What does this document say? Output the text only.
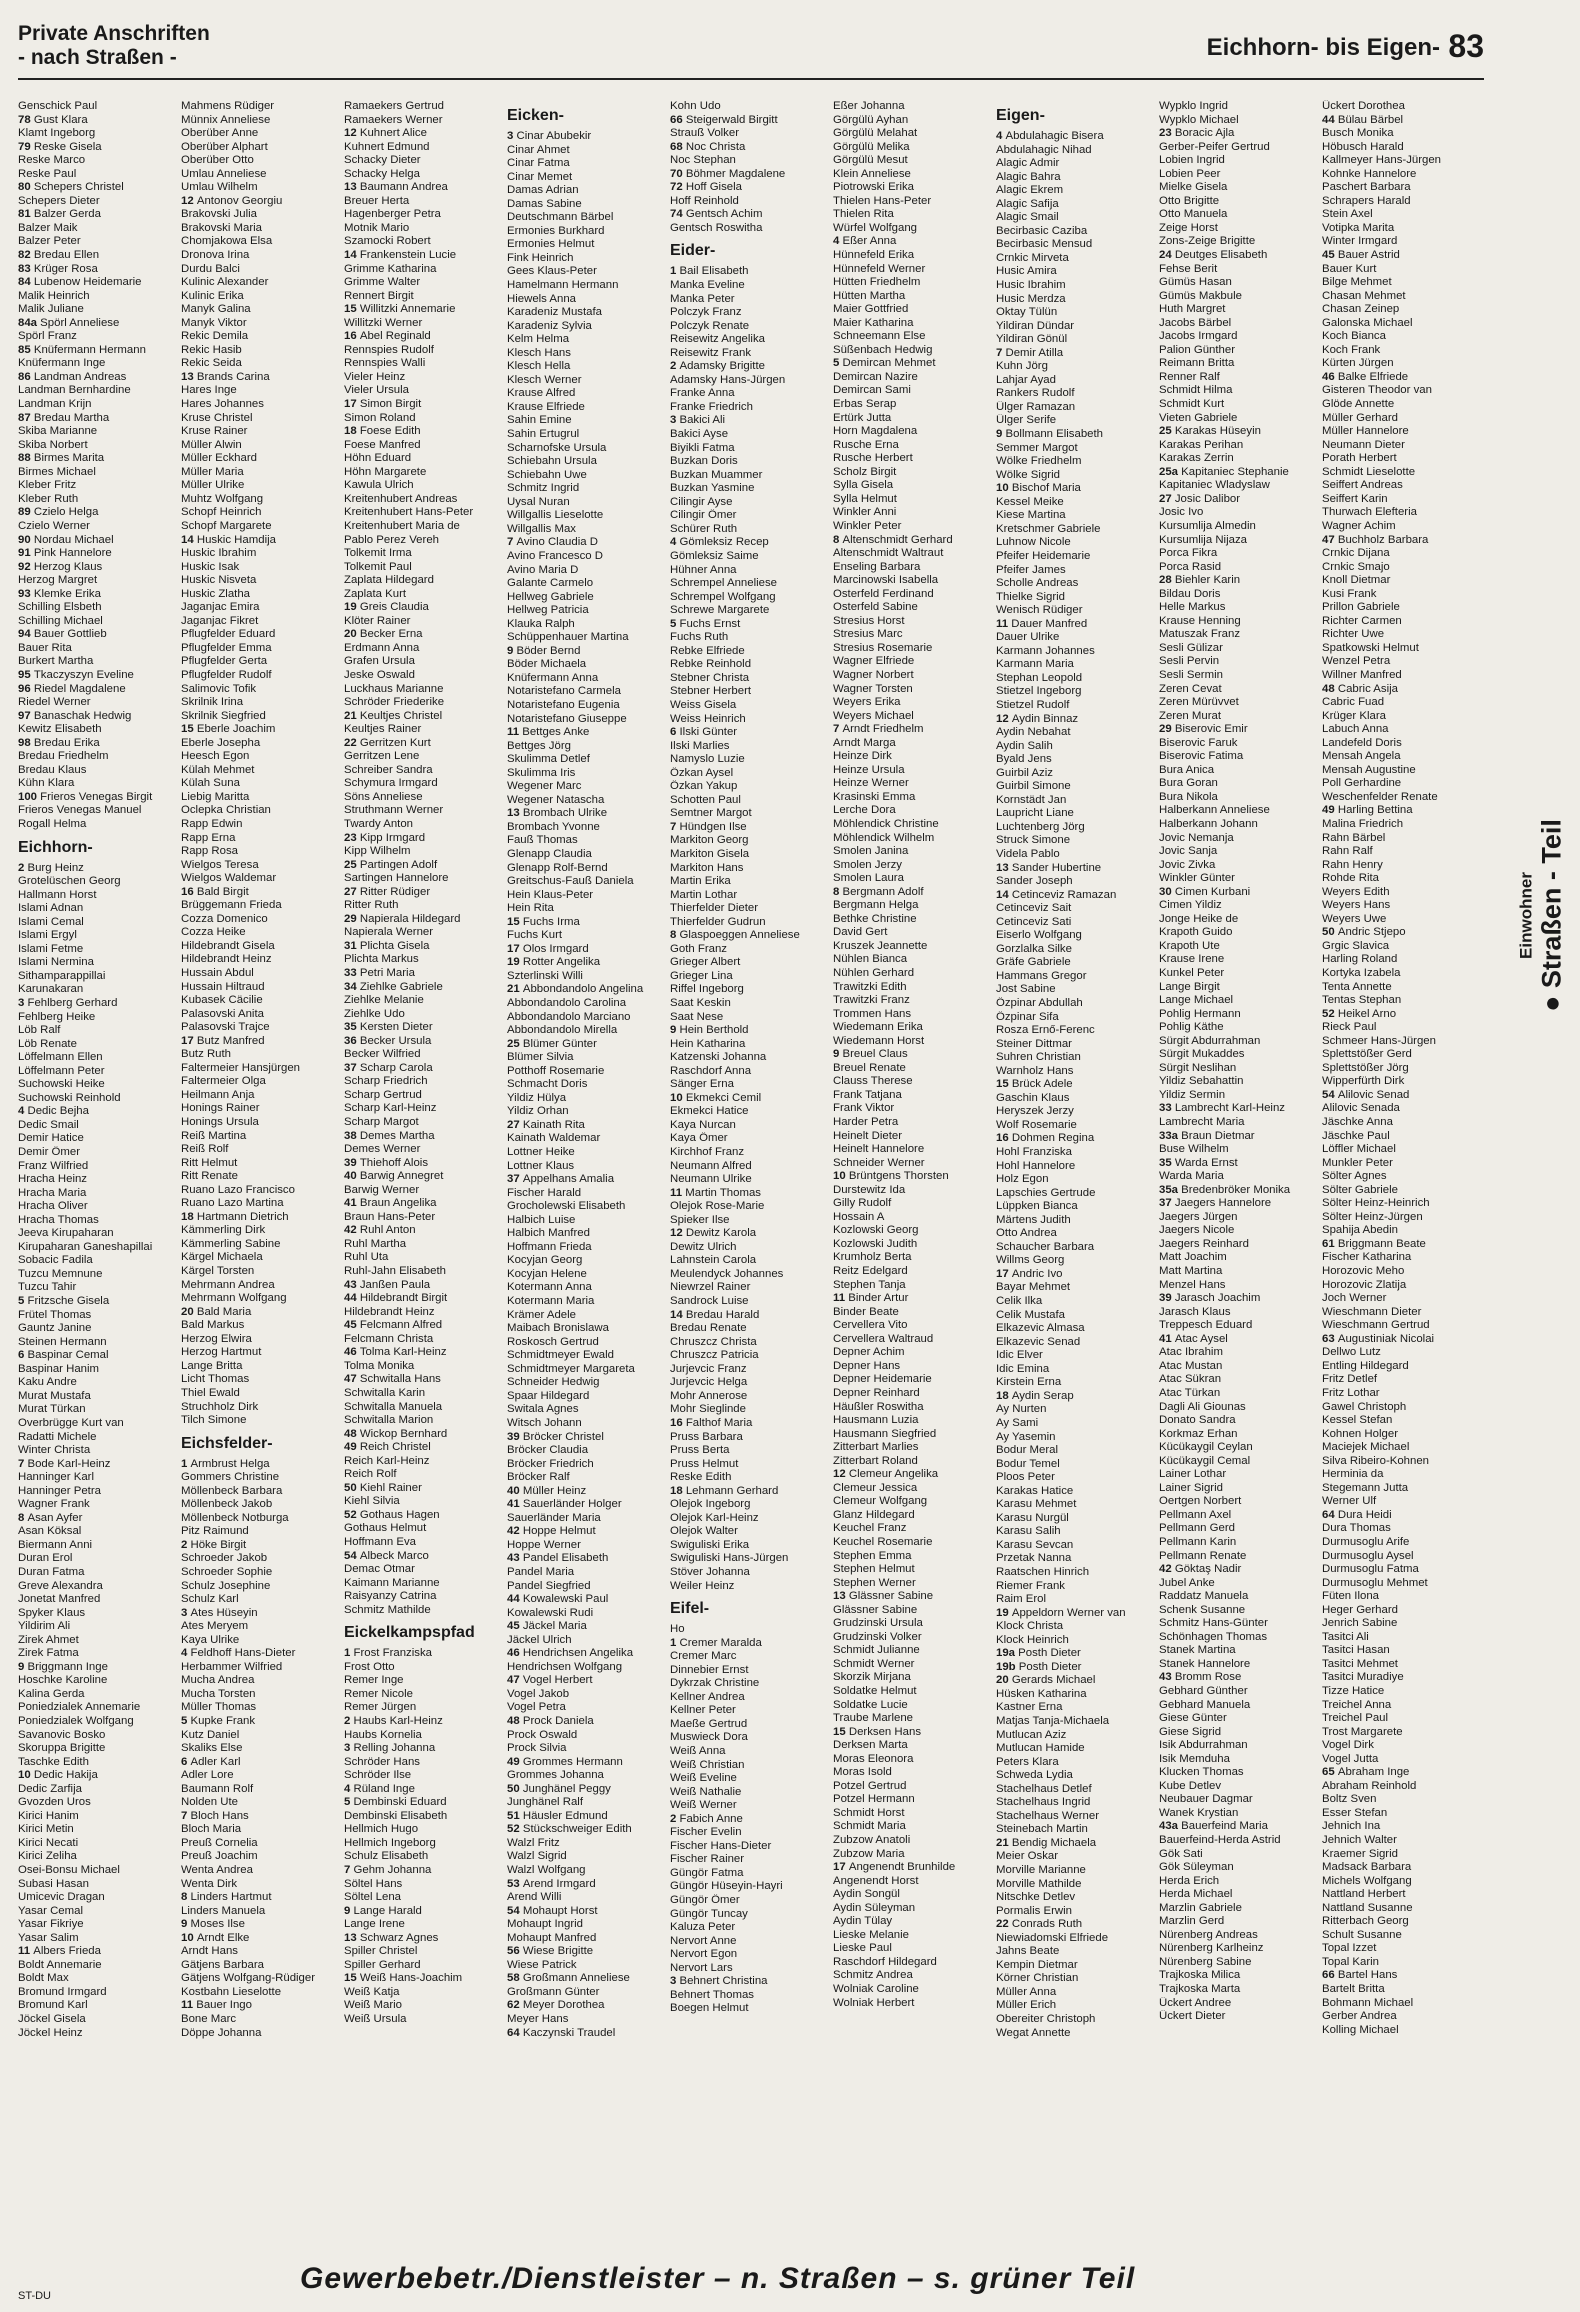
Private Anschriften
- nach Straßen -	Eichhorn- bis Eigen- 83
Genschick Paul
78 Gust Klara
Klamt Ingeborg
79 Reske Gisela
Reske Marco
Reske Paul
80 Schepers Christel
Schepers Dieter
81 Balzer Gerda
Balzer Maik
Balzer Peter
82 Bredau Ellen
83 Krüger Rosa
84 Lubenow Heidemarie
Malik Heinrich
Malik Juliane
84a Spörl Anneliese
Spörl Franz
85 Knüfermann Hermann
Knüfermann Inge
86 Landman Andreas
Landman Bernhardine
Landman Krijn
87 Bredau Martha
Skiba Marianne
Skiba Norbert
88 Birmes Marita
Birmes Michael
Kleber Fritz
Kleber Ruth
89 Czielo Helga
Czielo Werner
90 Nordau Michael
91 Pink Hannelore
92 Herzog Klaus
Herzog Margret
93 Klemke Erika
Schilling Elsbeth
Schilling Michael
94 Bauer Gottlieb
Bauer Rita
Burkert Martha
95 Tkaczyszyn Eveline
96 Riedel Magdalene
Riedel Werner
97 Banaschak Hedwig
Kewitz Elisabeth
98 Bredau Erika
Bredau Friedhelm
Bredau Klaus
Kühn Klara
100 Frieros Venegas Birgit
Frieros Venegas Manuel
Rogall Helma
Eichhorn-
2 Burg Heinz
Grotelüschen Georg
Hallmann Horst
Islami Adnan
Islami Cemal
Islami Ergyl
Islami Fetme
Islami Nermina
Sithamparappillai
Karunakaran
3 Fehlberg Gerhard
Fehlberg Heike
Löb Ralf
Löb Renate
Löffelmann Ellen
Löffelmann Peter
Suchowski Heike
Suchowski Reinhold
4 Dedic Bejha
Dedic Smail
Demir Hatice
Demir Ömer
Franz Wilfried
Hracha Heinz
Hracha Maria
Hracha Oliver
Hracha Thomas
Jeeva Kirupaharan
Kirupaharan Ganeshapillai
Sobacic Fadila
Tuzcu Memnune
Tuzcu Tahir
5 Fritzsche Gisela
Frütel Thomas
Gauntz Janine
Steinen Hermann
6 Baspinar Cemal
Baspinar Hanim
Kaku Andre
Murat Mustafa
Murat Türkan
Overbrügge Kurt van
Radatti Michele
Winter Christa
7 Bode Karl-Heinz
Hanninger Karl
Hanninger Petra
Wagner Frank
8 Asan Ayfer
Asan Köksal
Biermann Anni
Duran Erol
Duran Fatma
Greve Alexandra
Jonetat Manfred
Spyker Klaus
Yildirim Ali
Zirek Ahmet
Zirek Fatma
9 Briggmann Inge
Hoschke Karoline
Kalina Gerda
Poniedzialek Annemarie
Poniedzialek Wolfgang
Savanovic Bosko
Skoruppa Brigitte
Taschke Edith
10 Dedic Hakija
Dedic Zarfija
Gvozden Uros
Kirici Hanim
Kirici Metin
Kirici Necati
Kirici Zeliha
Osei-Bonsu Michael
Subasi Hasan
Umicevic Dragan
Yasar Cemal
Yasar Fikriye
Yasar Salim
11 Albers Frieda
Boldt Annemarie
Boldt Max
Bromund Irmgard
Bromund Karl
Jöckel Gisela
Jöckel Heinz
Mahmens Rüdiger
Münnix Anneliese
Oberüber Anne
Oberüber Alphart
Oberüber Otto
Umlau Anneliese
Umlau Wilhelm
12 Antonov Georgiu
Brakovski Julia
Brakovski Maria
Chomjakowa Elsa
Dronova Irina
Durdu Balci
Kulinic Alexander
Kulinic Erika
Manyk Galina
Manyk Viktor
Rekic Demila
Rekic Hasib
Rekic Seida
13 Brands Carina
Hares Inge
Hares Johannes
Kruse Christel
Kruse Rainer
Müller Alwin
Müller Eckhard
Müller Maria
Müller Ulrike
Muhtz Wolfgang
Schopf Heinrich
Schopf Margarete
14 Huskic Hamdija
Huskic Ibrahim
Huskic Isak
Huskic Nisveta
Huskic Zlatha
Jaganjac Emira
Jaganjac Fikret
Pflugfelder Eduard
Pflugfelder Emma
Pflugfelder Gerta
Pflugfelder Rudolf
Salimovic Tofik
Skrilnik Irina
Skrilnik Siegfried
15 Eberle Joachim
Eberle Josepha
Heesch Egon
Külah Mehmet
Külah Suna
Liebig Maritta
Oclepka Christian
Rapp Edwin
Rapp Erna
Rapp Rosa
Wielgos Teresa
Wielgos Waldemar
16 Bald Birgit
Brüggemann Frieda
Cozza Domenico
Cozza Heike
Hildebrandt Gisela
Hildebrandt Heinz
Hussain Abdul
Hussain Hiltraud
Kubasek Cäcilie
Palasovski Anita
Palasovski Trajce
17 Butz Manfred
Butz Ruth
Faltermeier Hansjürgen
Faltermeier Olga
Heilmann Anja
Honings Rainer
Honings Ursula
Reiß Martina
Reiß Rolf
Ritt Helmut
Ritt Renate
Ruano Lazo Francisco
Ruano Lazo Martina
18 Hartmann Dietrich
Kämmerling Dirk
Kämmerling Sabine
Kärgel Michaela
Kärgel Torsten
Mehrmann Andrea
Mehrmann Wolfgang
20 Bald Maria
Bald Markus
Herzog Elwira
Herzog Hartmut
Lange Britta
Licht Thomas
Thiel Ewald
Struchholz Dirk
Tilch Simone
Eichsfelder-
1 Armbrust Helga
Gommers Christine
Möllenbeck Barbara
Möllenbeck Jakob
Möllenbeck Notburga
Pitz Raimund
2 Höke Birgit
Schroeder Jakob
Schroeder Sophie
Schulz Josephine
Schulz Karl
3 Ates Hüseyin
Ates Meryem
Kaya Ulrike
4 Feldhoff Hans-Dieter
Herbammer Wilfried
Mucha Andrea
Mucha Torsten
Müller Thomas
5 Kupke Frank
Kutz Daniel
Skaliks Else
6 Adler Karl
Adler Lore
Baumann Rolf
Nolden Ute
7 Bloch Hans
Bloch Maria
Preuß Cornelia
Preuß Joachim
Wenta Andrea
Wenta Dirk
8 Linders Hartmut
Linders Manuela
9 Moses Ilse
10 Arndt Elke
Arndt Hans
Gätjens Barbara
Gätjens Wolfgang-Rüdiger
Kostbahn Lieselotte
11 Bauer Ingo
Bone Marc
Döppe Johanna
Ramaekers Gertrud
Ramaekers Werner
12 Kuhnert Alice
Kuhnert Edmund
Schacky Dieter
Schacky Helga
13 Baumann Andrea
Breuer Herta
Hagenberger Petra
Motnik Mario
Szamocki Robert
14 Frankenstein Lucie
Grimme Katharina
Grimme Walter
Rennert Birgit
15 Willitzki Annemarie
Willitzki Werner
16 Abel Reginald
Rennspies Rudolf
Rennspies Walli
Vieler Heinz
Vieler Ursula
17 Simon Birgit
Simon Roland
18 Foese Edith
Foese Manfred
Höhn Eduard
Höhn Margarete
Kawula Ulrich
Kreitenhubert Andreas
Kreitenhubert Hans-Peter
Kreitenhubert Maria de
Pablo Perez Vereh
Tolkemit Irma
Tolkemit Paul
Zaplata Hildegard
Zaplata Kurt
19 Greis Claudia
Klöter Rainer
20 Becker Erna
Erdmann Anna
Grafen Ursula
Jeske Oswald
Luckhaus Marianne
Schröder Friederike
21 Keultjes Christel
Keultjes Rainer
22 Gerritzen Kurt
Gerritzen Lene
Schreiber Sandra
Schymura Irmgard
Söns Anneliese
Struthmann Werner
Twardy Anton
23 Kipp Irmgard
Kipp Wilhelm
25 Partingen Adolf
Sartingen Hannelore
27 Ritter Rüdiger
Ritter Ruth
29 Napierala Hildegard
Napierala Werner
31 Plichta Gisela
Plichta Markus
33 Petri Maria
34 Ziehlke Gabriele
Ziehlke Melanie
Ziehlke Udo
35 Kersten Dieter
36 Becker Ursula
Becker Wilfried
37 Scharp Carola
Scharp Friedrich
Scharp Gertrud
Scharp Karl-Heinz
Scharp Margot
38 Demes Martha
Demes Werner
39 Thiehoff Alois
40 Barwig Annegret
Barwig Werner
41 Braun Angelika
Braun Hans-Peter
42 Ruhl Anton
Ruhl Martha
Ruhl Uta
Ruhl-Jahn Elisabeth
43 Janßen Paula
44 Hildebrandt Birgit
Hildebrandt Heinz
45 Felcmann Alfred
Felcmann Christa
46 Tolma Karl-Heinz
Tolma Monika
47 Schwitalla Hans
Schwitalla Karin
Schwitalla Manuela
Schwitalla Marion
48 Wickop Bernhard
49 Reich Christel
Reich Karl-Heinz
Reich Rolf
50 Kiehl Rainer
Kiehl Silvia
52 Gothaus Hagen
Gothaus Helmut
Hoffmann Eva
54 Albeck Marco
Demac Otmar
Kaimann Marianne
Raisyanzy Catrina
Schmitz Mathilde
Eickelkampspfad
1 Frost Franziska
Frost Otto
Remer Inge
Remer Nicole
Remer Jürgen
2 Haubs Karl-Heinz
Haubs Kornelia
3 Relling Johanna
Schröder Hans
Schröder Ilse
4 Rüland Inge
5 Dembinski Eduard
Dembinski Elisabeth
Hellmich Hugo
Hellmich Ingeborg
Schulz Elisabeth
7 Gehm Johanna
Söltel Hans
Söltel Lena
9 Lange Harald
Lange Irene
13 Schwarz Agnes
Spiller Christel
Spiller Gerhard
15 Weiß Hans-Joachim
Weiß Katja
Weiß Mario
Weiß Ursula
Eicken-
3 Cinar Abubekir
Cinar Ahmet
Cinar Fatma
Cinar Memet
Damas Adrian
Damas Sabine
Deutschmann Bärbel
Ermonies Burkhard
Ermonies Helmut
Fink Heinrich
Gees Klaus-Peter
Hamelmann Hermann
Hiewels Anna
Karadeniz Mustafa
Karadeniz Sylvia
Kelm Helma
Klesch Hans
Klesch Hella
Klesch Werner
Krause Alfred
Krause Elfriede
Sahin Emine
Sahin Ertugrul
Scharnofske Ursula
Schiebahn Ursula
Schiebahn Uwe
Schmitz Ingrid
Uysal Nuran
Willgallis Lieselotte
Willgallis Max
7 Avino Claudia D
Avino Francesco D
Avino Maria D
Galante Carmelo
Hellweg Gabriele
Hellweg Patricia
Klauka Ralph
Schüppenhauer Martina
9 Böder Bernd
Böder Michaela
Knüfermann Anna
Notaristefano Carmela
Notaristefano Eugenia
Notaristefano Giuseppe
11 Bettges Anke
Bettges Jörg
Skulimma Detlef
Skulimma Iris
Wegener Marc
Wegener Natascha
13 Brombach Ulrike
Brombach Yvonne
Fauß Thomas
Glenapp Claudia
Glenapp Rolf-Bernd
Greitschus-Fauß Daniela
Hein Klaus-Peter
Hein Rita
15 Fuchs Irma
Fuchs Kurt
17 Olos Irmgard
19 Rotter Angelika
Szterlinski Willi
21 Abbondandolo Angelina
Abbondandolo Carolina
Abbondandolo Marciano
Abbondandolo Mirella
25 Blümer Günter
Blümer Silvia
Potthoff Rosemarie
Schmacht Doris
Yildiz Hülya
Yildiz Orhan
27 Kainath Rita
Kainath Waldemar
Lottner Heike
Lottner Klaus
37 Appelhans Amalia
Fischer Harald
Grocholewski Elisabeth
Halbich Luise
Halbich Manfred
Hoffmann Frieda
Kocyjan Georg
Kocyjan Helene
Kotermann Anna
Kotermann Maria
Krämer Adele
Maibach Bronislawa
Roskosch Gertrud
Schmidtmeyer Ewald
Schmidtmeyer Margareta
Schneider Hedwig
Spaar Hildegard
Switala Agnes
Witsch Johann
39 Bröcker Christel
Bröcker Claudia
Bröcker Friedrich
Bröcker Ralf
40 Müller Heinz
41 Sauerländer Holger
Sauerländer Maria
42 Hoppe Helmut
Hoppe Werner
43 Pandel Elisabeth
Pandel Maria
Pandel Siegfried
44 Kowalewski Paul
Kowalewski Rudi
45 Jäckel Maria
Jäckel Ulrich
46 Hendrichsen Angelika
Hendrichsen Wolfgang
47 Vogel Herbert
Vogel Jakob
Vogel Petra
48 Prock Daniela
Prock Oswald
Prock Silvia
49 Grommes Hermann
Grommes Johanna
50 Junghänel Peggy
Junghänel Ralf
51 Häusler Edmund
52 Stückschweiger Edith
Walzl Fritz
Walzl Sigrid
Walzl Wolfgang
53 Arend Irmgard
Arend Willi
54 Mohaupt Horst
Mohaupt Ingrid
Mohaupt Manfred
56 Wiese Brigitte
Wiese Patrick
58 Großmann Anneliese
Großmann Günter
62 Meyer Dorothea
Meyer Hans
64 Kaczynski Traudel
Kohn Udo
66 Steigerwald Birgitt
Strauß Volker
68 Noc Christa
Noc Stephan
70 Böhmer Magdalene
72 Hoff Gisela
Hoff Reinhold
74 Gentsch Achim
Gentsch Roswitha
Eider-
1 Bail Elisabeth
Manka Eveline
Manka Peter
Polczyk Franz
Polczyk Renate
Reisewitz Angelika
Reisewitz Frank
2 Adamsky Brigitte
Adamsky Hans-Jürgen
Franke Anna
Franke Friedrich
3 Bakici Ali
Bakici Ayse
Biyikli Fatma
Buzkan Doris
Buzkan Muammer
Buzkan Yasmine
Cilingir Ayse
Cilingir Ömer
Schürer Ruth
4 Gömleksiz Recep
Gömleksiz Saime
Hühner Anna
Schrempel Anneliese
Schrempel Wolfgang
Schrewe Margarete
5 Fuchs Ernst
Fuchs Ruth
Rebke Elfriede
Rebke Reinhold
Stebner Christa
Stebner Herbert
Weiss Gisela
Weiss Heinrich
6 Ilski Günter
Ilski Marlies
Namyslo Luzie
Özkan Aysel
Özkan Yakup
Schotten Paul
Semtner Margot
7 Hündgen Ilse
Markiton Georg
Markiton Gisela
Markiton Hans
Martin Erika
Martin Lothar
Thierfelder Dieter
Thierfelder Gudrun
8 Glaspoeggen Anneliese
Goth Franz
Grieger Albert
Grieger Lina
Riffel Ingeborg
Saat Keskin
Saat Nese
9 Hein Berthold
Hein Katharina
Katzenski Johanna
Raschdorf Anna
Sänger Erna
10 Ekmekci Cemil
Ekmekci Hatice
Kaya Nurcan
Kaya Ömer
Kirchhof Franz
Neumann Alfred
Neumann Ulrike
11 Martin Thomas
Olejok Rose-Marie
Spieker Ilse
12 Dewitz Karola
Dewitz Ulrich
Lahnstein Carola
Meulendyck Johannes
Niewrzel Rainer
Sandrock Luise
14 Bredau Harald
Bredau Renate
Chruszcz Christa
Chruszcz Patricia
Jurjevcic Franz
Jurjevcic Helga
Mohr Annerose
Mohr Sieglinde
16 Falthof Maria
Pruss Barbara
Pruss Berta
Pruss Helmut
Reske Edith
18 Lehmann Gerhard
Olejok Ingeborg
Olejok Karl-Heinz
Olejok Walter
Swiguliski Erika
Swiguliski Hans-Jürgen
Stöver Johanna
Weiler Heinz
Eifel-
Ho
1 Cremer Maralda
Cremer Marc
Dinnebier Ernst
Dykrzak Christine
Kellner Andrea
Kellner Peter
Maeße Gertrud
Muswieck Dora
Weiß Anna
Weiß Christian
Weiß Eveline
Weiß Nathalie
Weiß Werner
2 Fabich Anne
Fischer Evelin
Fischer Hans-Dieter
Fischer Rainer
Güngör Fatma
Güngör Hüseyin-Hayri
Güngör Ömer
Güngör Tuncay
Kaluza Peter
Nervort Anne
Nervort Egon
Nervort Lars
3 Behnert Christina
Behnert Thomas
Boegen Helmut
Eßer Johanna
Görgülü Ayhan
Görgülü Melahat
Görgülü Melika
Görgülü Mesut
Klein Anneliese
Piotrowski Erika
Thielen Hans-Peter
Thielen Rita
Würfel Wolfgang
4 Eßer Anna
Hünnefeld Erika
Hünnefeld Werner
Hütten Friedhelm
Hütten Martha
Maier Gottfried
Maier Katharina
Schneemann Else
Süßenbach Hedwig
5 Demircan Mehmet
Demircan Nazire
Demircan Sami
Erbas Serap
Ertürk Jutta
Horn Magdalena
Rusche Erna
Rusche Herbert
Scholz Birgit
Sylla Gisela
Sylla Helmut
Winkler Anni
Winkler Peter
8 Altenschmidt Gerhard
Altenschmidt Waltraut
Enseling Barbara
Marcinowski Isabella
Osterfeld Ferdinand
Osterfeld Sabine
Stresius Horst
Stresius Marc
Stresius Rosemarie
Wagner Elfriede
Wagner Norbert
Wagner Torsten
Weyers Erika
Weyers Michael
7 Arndt Friedhelm
Arndt Marga
Heinze Dirk
Heinze Ursula
Heinze Werner
Krasinski Emma
Lerche Dora
Möhlendick Christine
Möhlendick Wilhelm
Smolen Janina
Smolen Jerzy
Smolen Laura
8 Bergmann Adolf
Bergmann Helga
Bethke Christine
David Gert
Kruszek Jeannette
Nühlen Bianca
Nühlen Gerhard
Trawitzki Edith
Trawitzki Franz
Trommen Hans
Wiedemann Erika
Wiedemann Horst
9 Breuel Claus
Breuel Renate
Clauss Therese
Frank Tatjana
Frank Viktor
Harder Petra
Heinelt Dieter
Heinelt Hannelore
Schneider Werner
10 Brüntgens Thorsten
Durstewitz Ida
Gilly Rudolf
Hossain A
Kozlowski Georg
Kozlowski Judith
Krumholz Berta
Reitz Edelgard
Stephen Tanja
11 Binder Artur
Binder Beate
Cervellera Vito
Cervellera Waltraud
Depner Achim
Depner Hans
Depner Heidemarie
Depner Reinhard
Häußler Roswitha
Hausmann Luzia
Hausmann Siegfried
Zitterbart Marlies
Zitterbart Roland
12 Clemeur Angelika
Clemeur Jessica
Clemeur Wolfgang
Glanz Hildegard
Keuchel Franz
Keuchel Rosemarie
Stephen Emma
Stephen Helmut
Stephen Werner
13 Glässner Sabine
Glässner Sabine
Grudzinski Ursula
Grudzinski Volker
Schmidt Julianne
Schmidt Werner
Skorzik Mirjana
Soldatke Helmut
Soldatke Lucie
Traube Marlene
15 Derksen Hans
Derksen Marta
Moras Eleonora
Moras Isold
Potzel Gertrud
Potzel Hermann
Schmidt Horst
Schmidt Maria
Zubzow Anatoli
Zubzow Maria
17 Angenendt Brunhilde
Angenendt Horst
Aydin Songül
Aydin Süleyman
Aydin Tülay
Lieske Melanie
Lieske Paul
Raschdorf Hildegard
Schmitz Andrea
Wolniak Caroline
Wolniak Herbert
Eigen-
4 Abdulahagic Bisera
Abdulahagic Nihad
Alagic Admir
Alagic Bahra
Alagic Ekrem
Alagic Safija
Alagic Smail
Becirbasic Caziba
Becirbasic Mensud
Crnkic Mirveta
Husic Amira
Husic Ibrahim
Husic Merdza
Oktay Tülün
Yildiran Dündar
Yildiran Gönül
7 Demir Atilla
Kuhn Jörg
Lahjar Ayad
Rankers Rudolf
Ülger Ramazan
Ülger Serife
9 Bollmann Elisabeth
Semmer Margot
Wölke Friedhelm
Wölke Sigrid
10 Bischof Maria
Kessel Meike
Kiese Martina
Kretschmer Gabriele
Luhnow Nicole
Pfeifer Heidemarie
Pfeifer James
Scholle Andreas
Thielke Sigrid
Wenisch Rüdiger
11 Dauer Manfred
Dauer Ulrike
Karmann Johannes
Karmann Maria
Stephan Leopold
Stietzel Ingeborg
Stietzel Rudolf
12 Aydin Binnaz
Aydin Nebahat
Aydin Salih
Byald Jens
Guirbil Aziz
Guirbil Simone
Kornstädt Jan
Laupricht Liane
Luchtenberg Jörg
Struck Simone
Videla Pablo
13 Sander Hubertine
Sander Joseph
14 Cetinceviz Ramazan
Cetinceviz Sait
Cetinceviz Sati
Eiserlo Wolfgang
Gorzlalka Silke
Gräfe Gabriele
Hammans Gregor
Jost Sabine
Özpinar Abdullah
Özpinar Sifa
Rosza Ernő-Ferenc
Steiner Dittmar
Suhren Christian
Warnholz Hans
15 Brück Adele
Gaschin Klaus
Heryszek Jerzy
Wolf Rosemarie
16 Dohmen Regina
Hohl Franziska
Hohl Hannelore
Holz Egon
Lapschies Gertrude
Lüppken Bianca
Märtens Judith
Otto Andrea
Schaucher Barbara
Willms Georg
17 Andric Ivo
Bayar Mehmet
Celik Ilka
Celik Mustafa
Elkazevic Almasa
Elkazevic Senad
Idic Elver
Idic Emina
Kirstein Erna
18 Aydin Serap
Ay Nurten
Ay Sami
Ay Yasemin
Bodur Meral
Bodur Temel
Ploos Peter
Karakas Hatice
Karasu Mehmet
Karasu Nurgül
Karasu Salih
Karasu Sevcan
Przetak Nanna
Raatschen Hinrich
Riemer Frank
Raim Erol
19 Appeldorn Werner van
Klock Christa
Klock Heinrich
19a Posth Dieter
19b Posth Dieter
20 Gerards Michael
Hüsken Katharina
Kastner Erna
Matjas Tanja-Michaela
Mutlucan Aziz
Mutlucan Hamide
Peters Klara
Schweda Lydia
Stachelhaus Detlef
Stachelhaus Ingrid
Stachelhaus Werner
Steinebach Martin
21 Bendig Michaela
Meier Oskar
Morville Marianne
Morville Mathilde
Nitschke Detlev
Pormalis Erwin
22 Conrads Ruth
Niewiadomski Elfriede
Jahns Beate
Kempin Dietmar
Körner Christian
Müller Anna
Müller Erich
Obereiter Christoph
Wegat Annette
Wypklo Ingrid
Wypklo Michael
23 Boracic Ajla
Gerber-Peifer Gertrud
Lobien Ingrid
Lobien Peer
Mielke Gisela
Otto Brigitte
Otto Manuela
Zeige Horst
Zons-Zeige Brigitte
24 Deutges Elisabeth
Fehse Berit
Gümüs Hasan
Gümüs Makbule
Huth Margret
Jacobs Bärbel
Jacobs Irmgard
Palion Günther
Reimann Britta
Renner Ralf
Schmidt Hilma
Schmidt Kurt
Vieten Gabriele
25 Karakas Hüseyin
Karakas Perihan
Karakas Zerrin
25a Kapitaniec Stephanie
Kapitaniec Wladyslaw
27 Josic Dalibor
Josic Ivo
Kursumlija Almedin
Kursumlija Nijaza
Porca Fikra
Porca Rasid
28 Biehler Karin
Bildau Doris
Helle Markus
Krause Henning
Matuszak Franz
Sesli Gülizar
Sesli Pervin
Sesli Sermin
Zeren Cevat
Zeren Mürüvvet
Zeren Murat
29 Biserovic Emir
Biserovic Faruk
Biserovic Fatima
Bura Anica
Bura Goran
Bura Nikola
Halberkann Anneliese
Halberkann Johann
Jovic Nemanja
Jovic Sanja
Jovic Zivka
Winkler Günter
30 Cimen Kurbani
Cimen Yildiz
Jonge Heike de
Krapoth Guido
Krapoth Ute
Krause Irene
Kunkel Peter
Lange Birgit
Lange Michael
Pohlig Hermann
Pohlig Käthe
Sürgit Abdurrahman
Sürgit Mukaddes
Sürgit Neslihan
Yildiz Sebahattin
Yildiz Sermin
33 Lambrecht Karl-Heinz
Lambrecht Maria
33a Braun Dietmar
Buse Wilhelm
35 Warda Ernst
Warda Maria
35a Bredenbröker Monika
37 Jaegers Hannelore
Jaegers Jürgen
Jaegers Nicole
Jaegers Reinhard
Matt Joachim
Matt Martina
Menzel Hans
39 Jarasch Joachim
Jarasch Klaus
Treppesch Eduard
41 Atac Aysel
Atac Ibrahim
Atac Mustan
Atac Sükran
Atac Türkan
Dagli Ali Giounas
Donato Sandra
Korkmaz Erhan
Kücükaygil Ceylan
Kücükaygil Cemal
Lainer Lothar
Lainer Sigrid
Oertgen Norbert
Pellmann Axel
Pellmann Gerd
Pellmann Karin
Pellmann Renate
42 Göktaş Nadir
Jubel Anke
Raddatz Manuela
Schenk Susanne
Schmitz Hans-Günter
Schönhagen Thomas
Stanek Martina
Stanek Hannelore
43 Bromm Rose
Gebhard Günther
Gebhard Manuela
Giese Günter
Giese Sigrid
Isik Abdurrahman
Isik Memduha
Klucken Thomas
Kube Detlev
Neubauer Dagmar
Wanek Krystian
43a Bauerfeind Maria
Bauerfeind-Herda Astrid
Gök Sati
Gök Süleyman
Herda Erich
Herda Michael
Marzlin Gabriele
Marzlin Gerd
Nürenberg Andreas
Nürenberg Karlheinz
Nürenberg Sabine
Trajkoska Milica
Trajkoska Marta
Ückert Andree
Ückert Dieter
Ückert Dorothea
44 Bülau Bärbel
Busch Monika
Höbusch Harald
Kallmeyer Hans-Jürgen
Kohnke Hannelore
Paschert Barbara
Schrapers Harald
Stein Axel
Votipka Marita
Winter Irmgard
45 Bauer Astrid
Bauer Kurt
Bilge Mehmet
Chasan Mehmet
Chasan Zeinep
Galonska Michael
Koch Bianca
Koch Frank
Kürten Jürgen
46 Balke Elfriede
Gisteren Theodor van
Glöde Annette
Müller Gerhard
Müller Hannelore
Neumann Dieter
Porath Herbert
Schmidt Lieselotte
Seiffert Andreas
Seiffert Karin
Thurwach Elefteria
Wagner Achim
47 Buchholz Barbara
Crnkic Dijana
Crnkic Smajo
Knoll Dietmar
Kusi Frank
Prillon Gabriele
Richter Carmen
Richter Uwe
Spatkowski Helmut
Wenzel Petra
Willner Manfred
48 Cabric Asija
Cabric Fuad
Krüger Klara
Labuch Anna
Landefeld Doris
Mensah Angela
Mensah Augustine
Poll Gerhardine
Weschenfelder Renate
49 Harling Bettina
Malina Friedrich
Rahn Bärbel
Rahn Ralf
Rahn Henry
Rohde Rita
Weyers Edith
Weyers Hans
Weyers Uwe
50 Andric Stjepo
Grgic Slavica
Harling Roland
Kortyka Izabela
Tenta Annette
Tentas Stephan
52 Heikel Arno
Rieck Paul
Schmeer Hans-Jürgen
Splettstößer Gerd
Splettstößer Jörg
Wipperfürth Dirk
54 Alilovic Senad
Alilovic Senada
Jäschke Anna
Jäschke Paul
Löffler Michael
Munkler Peter
Sölter Agnes
Sölter Gabriele
Sölter Heinz-Heinrich
Sölter Heinz-Jürgen
Spahija Abedin
61 Briggmann Beate
Fischer Katharina
Horozovic Meho
Horozovic Zlatija
Joch Werner
Wieschmann Dieter
Wieschmann Gertrud
63 Augustiniak Nicolai
Dellwo Lutz
Entling Hildegard
Fritz Detlef
Fritz Lothar
Gawel Christoph
Kessel Stefan
Kohnen Holger
Maciejek Michael
Silva Ribeiro-Kohnen
Herminia da
Stegemann Jutta
Werner Ulf
64 Dura Heidi
Dura Thomas
Durmusoglu Arife
Durmusoglu Aysel
Durmusoglu Fatma
Durmusoglu Mehmet
Füten Ilona
Heger Gerhard
Jenrich Sabine
Tasitci Ali
Tasitci Hasan
Tasitci Mehmet
Tasitci Muradiye
Tizze Hatice
Treichel Anna
Treichel Paul
Trost Margarete
Vogel Dirk
Vogel Jutta
65 Abraham Inge
Abraham Reinhold
Boltz Sven
Esser Stefan
Jehnich Ina
Jehnich Walter
Kraemer Sigrid
Madsack Barbara
Michels Wolfgang
Nattland Herbert
Nattland Susanne
Ritterbach Georg
Schult Susanne
Topal Izzet
Topal Karin
66 Bartel Hans
Bartelt Britta
Bohmann Michael
Gerber Andrea
Kolling Michael
Einwohner ● Straßen - Teil
Gewerbebetr./Dienstleister – n. Straßen – s. grüner Teil
ST-DU
